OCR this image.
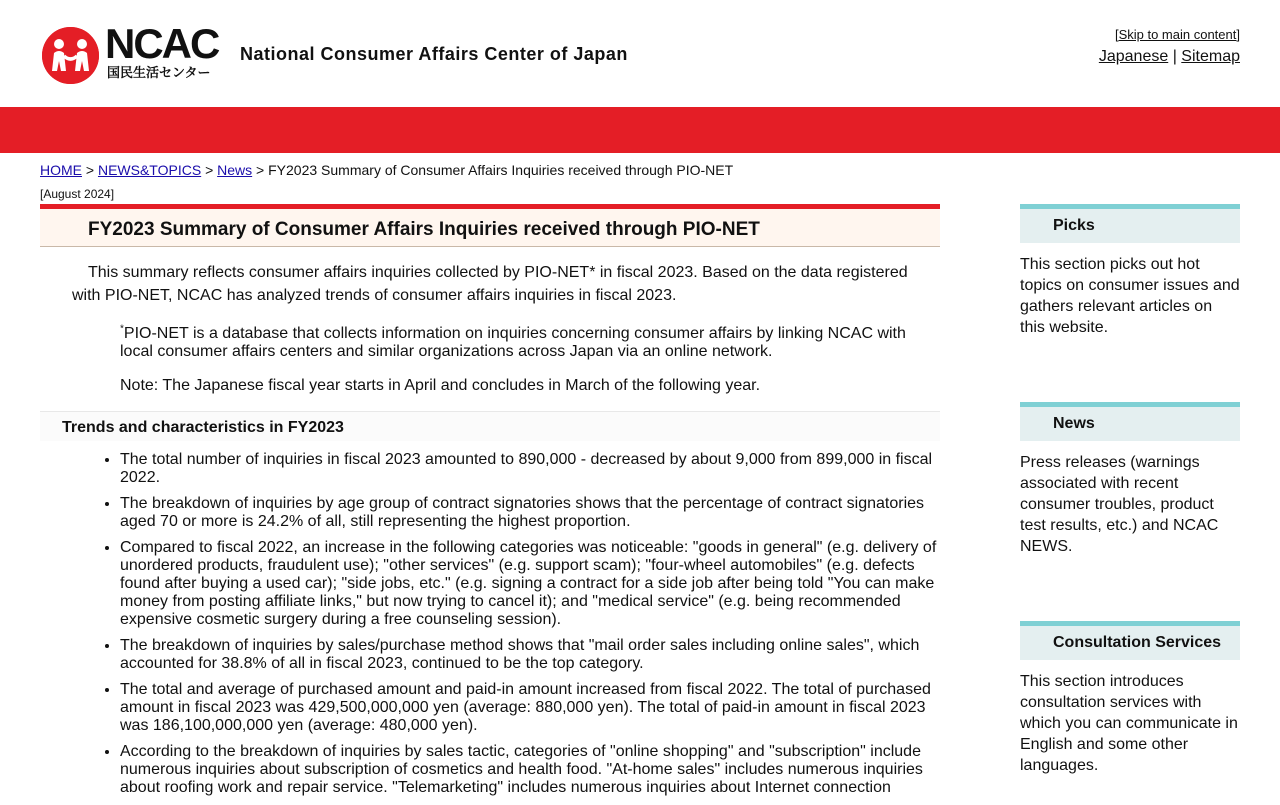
NCAC
国民生活センター
National Consumer Affairs Center of Japan
[Skip to main content]
Japanese | Sitemap
HOME > NEWS&TOPICS > News > FY2023 Summary of Consumer Affairs Inquiries received through PIO-NET
[August 2024]
FY2023 Summary of Consumer Affairs Inquiries received through PIO-NET
This summary reflects consumer affairs inquiries collected by PIO-NET* in fiscal 2023. Based on the data registered with PIO-NET, NCAC has analyzed trends of consumer affairs inquiries in fiscal 2023.

*PIO-NET is a database that collects information on inquiries concerning consumer affairs by linking NCAC with local consumer affairs centers and similar organizations across Japan via an online network.

Note: The Japanese fiscal year starts in April and concludes in March of the following year.

Trends and characteristics in FY2023
• The total number of inquiries in fiscal 2023 amounted to 890,000 - decreased by about 9,000 from 899,000 in fiscal 2022.
• The breakdown of inquiries by age group of contract signatories shows that the percentage of contract signatories aged 70 or more is 24.2% of all, still representing the highest proportion.
• Compared to fiscal 2022, an increase in the following categories was noticeable: "goods in general" (e.g. delivery of unordered products, fraudulent use); "other services" (e.g. support scam); "four-wheel automobiles" (e.g. defects found after buying a used car); "side jobs, etc." (e.g. signing a contract for a side job after being told "You can make money from posting affiliate links," but now trying to cancel it); and "medical service" (e.g. being recommended expensive cosmetic surgery during a free counseling session).
• The breakdown of inquiries by sales/purchase method shows that "mail order sales including online sales", which accounted for 38.8% of all in fiscal 2023, continued to be the top category.
• The total and average of purchased amount and paid-in amount increased from fiscal 2022. The total of purchased amount in fiscal 2023 was 429,500,000,000 yen (average: 880,000 yen). The total of paid-in amount in fiscal 2023 was 186,100,000,000 yen (average: 480,000 yen).
• According to the breakdown of inquiries by sales tactic, categories of "online shopping" and "subscription" include numerous inquiries about subscription of cosmetics and health food. "At-home sales" includes numerous inquiries about roofing work and repair service. "Telemarketing" includes numerous inquiries about Internet connection
Picks
This section picks out hot topics on consumer issues and gathers relevant articles on this website.
News
Press releases (warnings associated with recent consumer troubles, product test results, etc.) and NCAC NEWS.
Consultation Services
This section introduces consultation services with which you can communicate in English and some other languages.
